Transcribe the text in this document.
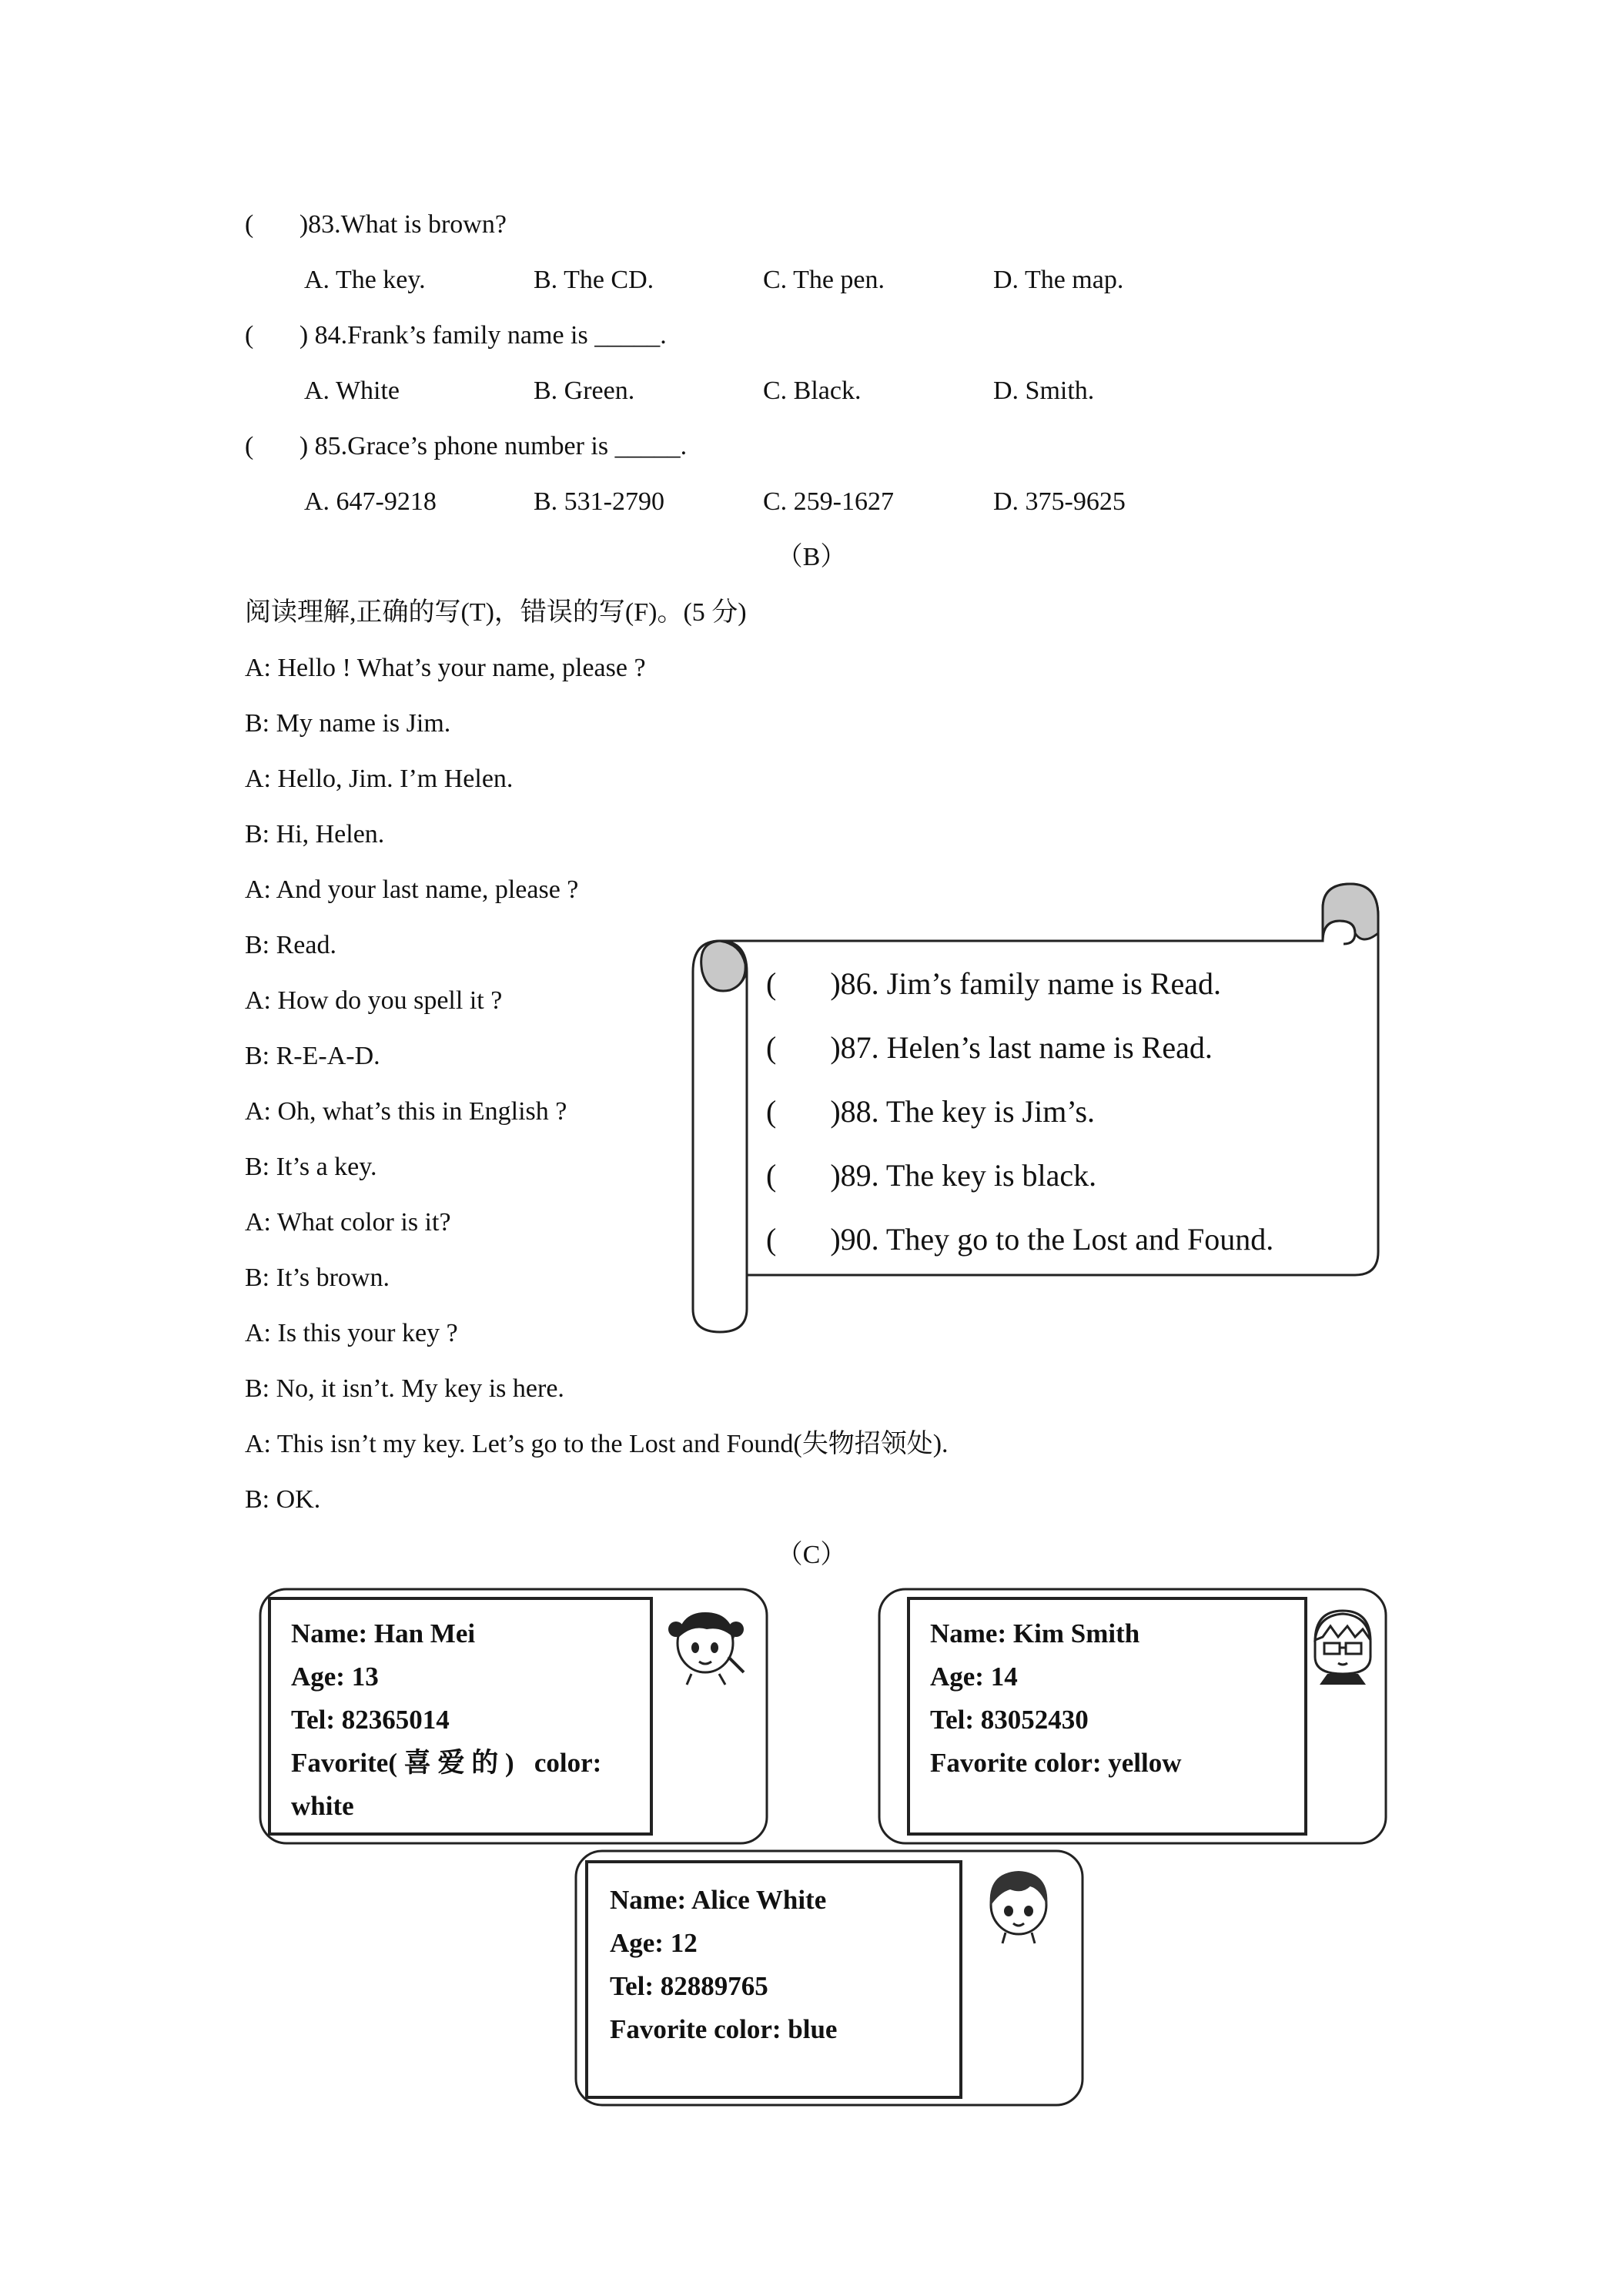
(       )83.What is brown?
A. The key.	B. The CD.	C. The pen.	D. The map.
(       ) 84.Frank’s family name is _____.
A. White	B. Green.	C. Black.	D. Smith.
(       ) 85.Grace’s phone number is _____.
A. 647-9218	B. 531-2790	C. 259-1627	D. 375-9625
（B）
阅读理解,正确的写(T)，错误的写(F)。(5 分)
A: Hello ! What’s your name, please ?
B: My name is Jim.
A: Hello, Jim. I’m Helen.
B: Hi, Helen.
A: And your last name, please ?
B: Read.
A: How do you spell it ?
B: R-E-A-D.
A: Oh, what’s this in English ?
B: It’s a key.
A: What color is it?
B: It’s brown.
A: Is this your key ?
B: No, it isn’t. My key is here.
A: This isn’t my key. Let’s go to the Lost and Found(失物招领处).
B: OK.
(       )86. Jim’s family name is Read.
(       )87. Helen’s last name is Read.
(       )88. The key is Jim’s.
(       )89. The key is black.
(       )90. They go to the Lost and Found.
（C）
Name: Han Mei
Age: 13
Tel: 82365014
Favorite( 喜 爱 的 )   color:
white
Name: Kim Smith
Age: 14
Tel: 83052430
Favorite color: yellow
Name: Alice White
Age: 12
Tel: 82889765
Favorite color: blue
